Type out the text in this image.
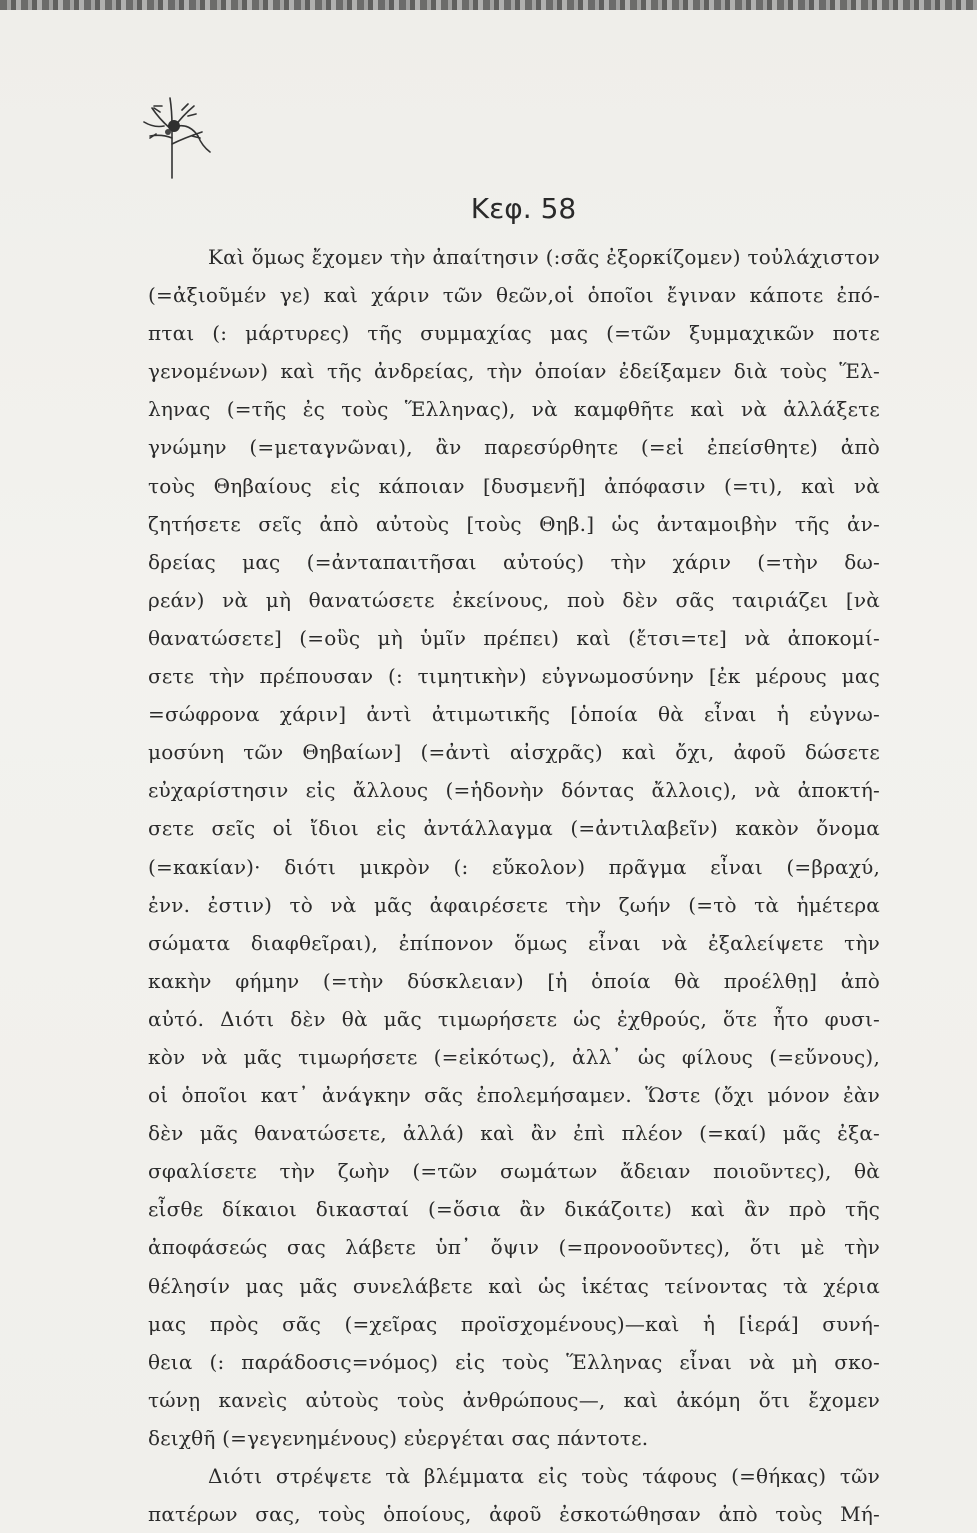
Κεφ. 58
Καὶ ὅμως ἔχομεν τὴν ἀπαίτησιν (:σᾶς ἐξορκίζομεν) τοὐλάχιστον
(=ἀξιοῦμέν γε) καὶ χάριν τῶν θεῶν,οἱ ὁποῖοι ἔγιναν κάποτε ἐπό-
πται (: μάρτυρες) τῆς συμμαχίας μας (=τῶν ξυμμαχικῶν ποτε
γενομένων) καὶ τῆς ἀνδρείας, τὴν ὁποίαν ἐδείξαμεν διὰ τοὺς Ἕλ-
ληνας (=τῆς ἐς τοὺς Ἕλληνας), νὰ καμφθῆτε καὶ νὰ ἀλλάξετε
γνώμην (=μεταγνῶναι), ἂν παρεσύρθητε (=εἰ ἐπείσθητε) ἀπὸ
τοὺς Θηβαίους εἰς κάποιαν [δυσμενῆ] ἀπόφασιν (=τι), καὶ νὰ
ζητήσετε σεῖς ἀπὸ αὐτοὺς [τοὺς Θηβ.] ὡς ἀνταμοιβὴν τῆς ἀν-
δρείας μας (=ἀνταπαιτῆσαι αὐτούς) τὴν χάριν (=τὴν δω-
ρεάν) νὰ μὴ θανατώσετε ἐκείνους, ποὺ δὲν σᾶς ταιριάζει [νὰ
θανατώσετε] (=οὓς μὴ ὑμῖν πρέπει) καὶ (ἔτσι=τε] νὰ ἀποκομί-
σετε τὴν πρέπουσαν (: τιμητικὴν) εὐγνωμοσύνην [ἐκ μέρους μας
=σώφρονα χάριν] ἀντὶ ἀτιμωτικῆς [ὁποία θὰ εἶναι ἡ εὐγνω-
μοσύνη τῶν Θηβαίων] (=ἀντὶ αἰσχρᾶς) καὶ ὄχι, ἀφοῦ δώσετε
εὐχαρίστησιν εἰς ἄλλους (=ἡδονὴν δόντας ἄλλοις), νὰ ἀποκτή-
σετε σεῖς οἱ ἴδιοι εἰς ἀντάλλαγμα (=ἀντιλαβεῖν) κακὸν ὄνομα
(=κακίαν)· διότι μικρὸν (: εὔκολον) πρᾶγμα εἶναι (=βραχύ,
ἐνν. ἐστιν) τὸ νὰ μᾶς ἀφαιρέσετε τὴν ζωήν (=τὸ τὰ ἡμέτερα
σώματα διαφθεῖραι), ἐπίπονον ὅμως εἶναι νὰ ἐξαλείψετε τὴν
κακὴν φήμην (=τὴν δύσκλειαν) [ἡ ὁποία θὰ προέλθῃ] ἀπὸ
αὐτό. Διότι δὲν θὰ μᾶς τιμωρήσετε ὡς ἐχθρούς, ὅτε ἦτο φυσι-
κὸν νὰ μᾶς τιμωρήσετε (=εἰκότως), ἀλλ᾽ ὡς φίλους (=εὔνους),
οἱ ὁποῖοι κατ᾽ ἀνάγκην σᾶς ἐπολεμήσαμεν. Ὥστε (ὄχι μόνον ἐὰν
δὲν μᾶς θανατώσετε, ἀλλά) καὶ ἂν ἐπὶ πλέον (=καί) μᾶς ἐξα-
σφαλίσετε τὴν ζωὴν (=τῶν σωμάτων ἄδειαν ποιοῦντες), θὰ
εἶσθε δίκαιοι δικασταί (=ὅσια ἂν δικάζοιτε) καὶ ἂν πρὸ τῆς
ἀποφάσεώς σας λάβετε ὑπ᾽ ὄψιν (=προνοοῦντες), ὅτι μὲ τὴν
θέλησίν μας μᾶς συνελάβετε καὶ ὡς ἱκέτας τείνοντας τὰ χέρια
μας πρὸς σᾶς (=χεῖρας προϊσχομένους)—καὶ ἡ [ἱερά] συνή-
θεια (: παράδοσις=νόμος) εἰς τοὺς Ἕλληνας εἶναι νὰ μὴ σκο-
τώνῃ κανεὶς αὐτοὺς τοὺς ἀνθρώπους—, καὶ ἀκόμη ὅτι ἔχομεν
δειχθῆ (=γεγενημένους) εὐεργέται σας πάντοτε.
Διότι στρέψετε τὰ βλέμματα εἰς τοὺς τάφους (=θήκας) τῶν
πατέρων σας, τοὺς ὁποίους, ἀφοῦ ἐσκοτώθησαν ἀπὸ τοὺς Μή-
